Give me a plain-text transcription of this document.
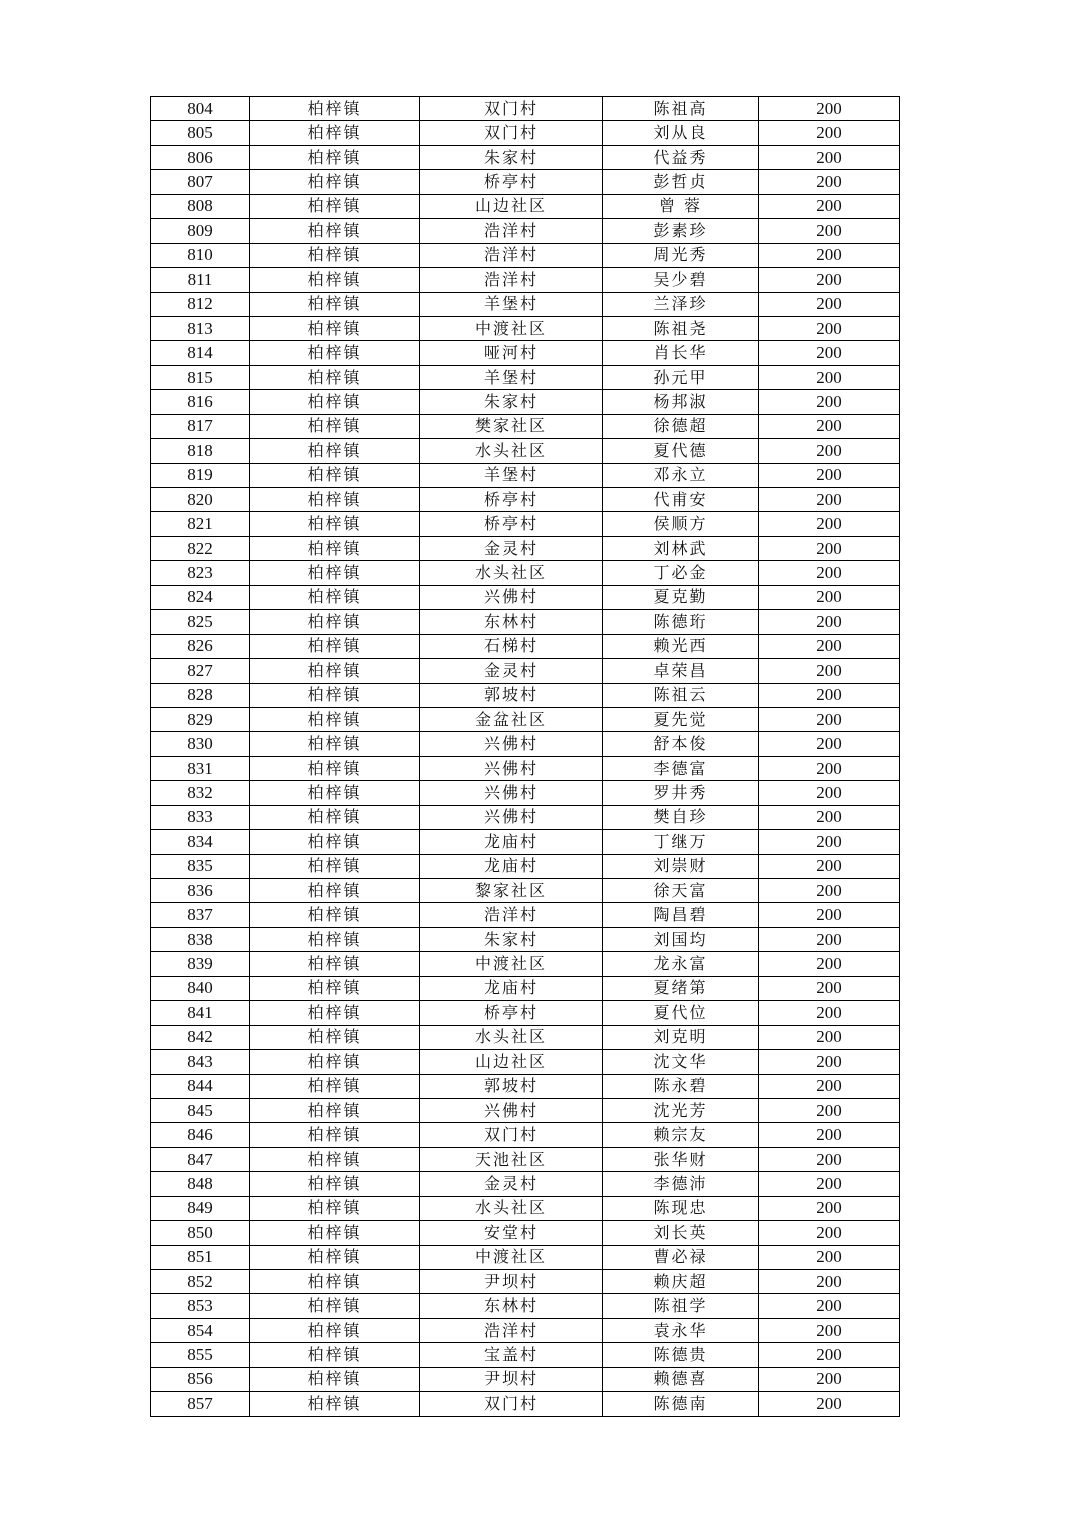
804	柏梓镇	双门村	陈祖高	200
805	柏梓镇	双门村	刘从良	200
806	柏梓镇	朱家村	代益秀	200
807	柏梓镇	桥亭村	彭哲贞	200
808	柏梓镇	山边社区	曾 蓉	200
809	柏梓镇	浩洋村	彭素珍	200
810	柏梓镇	浩洋村	周光秀	200
811	柏梓镇	浩洋村	吴少碧	200
812	柏梓镇	羊堡村	兰泽珍	200
813	柏梓镇	中渡社区	陈祖尧	200
814	柏梓镇	哑河村	肖长华	200
815	柏梓镇	羊堡村	孙元甲	200
816	柏梓镇	朱家村	杨邦淑	200
817	柏梓镇	樊家社区	徐德超	200
818	柏梓镇	水头社区	夏代德	200
819	柏梓镇	羊堡村	邓永立	200
820	柏梓镇	桥亭村	代甫安	200
821	柏梓镇	桥亭村	侯顺方	200
822	柏梓镇	金灵村	刘林武	200
823	柏梓镇	水头社区	丁必金	200
824	柏梓镇	兴佛村	夏克勤	200
825	柏梓镇	东林村	陈德珩	200
826	柏梓镇	石梯村	赖光西	200
827	柏梓镇	金灵村	卓荣昌	200
828	柏梓镇	郭坡村	陈祖云	200
829	柏梓镇	金盆社区	夏先觉	200
830	柏梓镇	兴佛村	舒本俊	200
831	柏梓镇	兴佛村	李德富	200
832	柏梓镇	兴佛村	罗井秀	200
833	柏梓镇	兴佛村	樊自珍	200
834	柏梓镇	龙庙村	丁继万	200
835	柏梓镇	龙庙村	刘崇财	200
836	柏梓镇	黎家社区	徐天富	200
837	柏梓镇	浩洋村	陶昌碧	200
838	柏梓镇	朱家村	刘国均	200
839	柏梓镇	中渡社区	龙永富	200
840	柏梓镇	龙庙村	夏绪第	200
841	柏梓镇	桥亭村	夏代位	200
842	柏梓镇	水头社区	刘克明	200
843	柏梓镇	山边社区	沈文华	200
844	柏梓镇	郭坡村	陈永碧	200
845	柏梓镇	兴佛村	沈光芳	200
846	柏梓镇	双门村	赖宗友	200
847	柏梓镇	天池社区	张华财	200
848	柏梓镇	金灵村	李德沛	200
849	柏梓镇	水头社区	陈现忠	200
850	柏梓镇	安堂村	刘长英	200
851	柏梓镇	中渡社区	曹必禄	200
852	柏梓镇	尹坝村	赖庆超	200
853	柏梓镇	东林村	陈祖学	200
854	柏梓镇	浩洋村	袁永华	200
855	柏梓镇	宝盖村	陈德贵	200
856	柏梓镇	尹坝村	赖德喜	200
857	柏梓镇	双门村	陈德南	200
